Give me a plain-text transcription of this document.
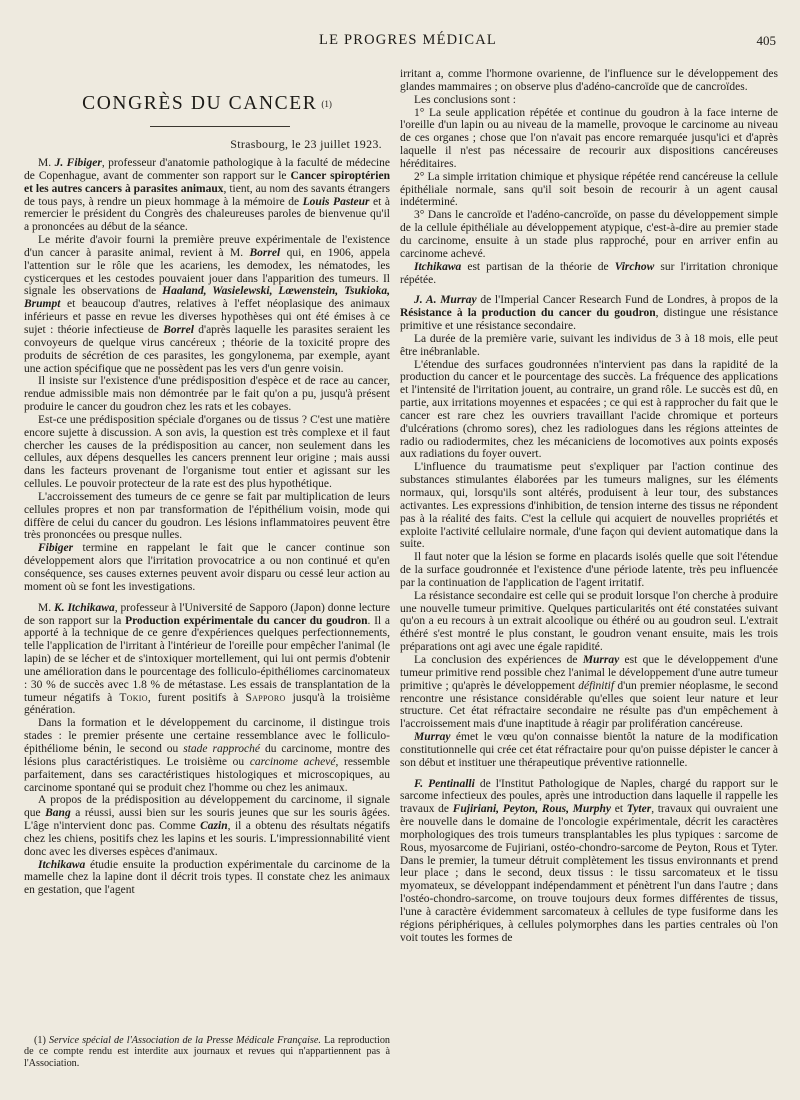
LE PROGRES MÉDICAL	405
CONGRÈS DU CANCER $^{(1)}$
Strasbourg, le 23 juillet 1923.

M. J. Fibiger, professeur d'anatomie pathologique à la faculté de médecine de Copenhague, avant de commenter son rapport sur le Cancer spiroptérien et les autres cancers à parasites animaux, tient, au nom des savants étrangers de tous pays, à rendre un pieux hommage à la mémoire de Louis Pasteur et à remercier le président du Congrès des chaleureuses paroles de bienvenue qu'il a prononcées au début de la séance.

Le mérite d'avoir fourni la première preuve expérimentale de l'existence d'un cancer à parasite animal, revient à M. Borrel qui, en 1906, appela l'attention sur le rôle que les acariens, les demodex, les nématodes, les cysticerques et les cestodes pouvaient jouer dans l'apparition des tumeurs. Il signale les observations de Haaland, Wasielewski, Lœwenstein, Tsukioka, Brumpt et beaucoup d'autres, relatives à l'effet néoplasique des animaux inférieurs et passe en revue les diverses hypothèses qui ont été émises à ce sujet : théorie infectieuse de Borrel d'après laquelle les parasites seraient les convoyeurs de quelque virus cancéreux ; théorie de la toxicité propre des produits de sécrétion de ces parasites, les gongylonema, par exemple, ayant une action spécifique que ne possèdent pas les vers d'un genre voisin.

Il insiste sur l'existence d'une prédisposition d'espèce et de race au cancer, rendue admissible mais non démontrée par le fait qu'on a pu, jusqu'à présent produire le cancer du goudron chez les rats et les cobayes.

Est-ce une prédisposition spéciale d'organes ou de tissus ? C'est une matière encore sujette à discussion. A son avis, la question est très complexe et il faut chercher les causes de la prédisposition au cancer, non seulement dans les cellules, aux dépens desquelles les cancers prennent leur origine ; mais aussi dans les facteurs provenant de l'organisme tout entier et agissant sur les cellules. Le pouvoir protecteur de la rate est des plus hypothétique.

L'accroissement des tumeurs de ce genre se fait par multiplication de leurs cellules propres et non par transformation de l'épithélium voisin, mode qui diffère de celui du cancer du goudron. Les lésions inflammatoires peuvent être très prononcées ou presque nulles.

Fibiger termine en rappelant le fait que le cancer continue son développement alors que l'irritation provocatrice a ou non continué et qu'en conséquence, ses causes externes peuvent avoir disparu ou cessé leur action au moment où se font les investigations.

M. K. Itchikawa, professeur à l'Université de Sapporo (Japon) donne lecture de son rapport sur la Production expérimentale du cancer du goudron. Il a apporté à la technique de ce genre d'expériences quelques perfectionnements, telle l'application de l'irritant à l'intérieur de l'oreille pour empêcher l'animal (le lapin) de se lécher et de s'intoxiquer mortellement, qui lui ont permis d'obtenir une amélioration dans le pourcentage des folliculo-épithéliomes carcinomateux : 30 % de succès avec 1.8 % de métastase. Les essais de transplantation de la tumeur négatifs à Tokio, furent positifs à Sapporo jusqu'à la troisième génération.

Dans la formation et le développement du carcinome, il distingue trois stades : le premier présente une certaine ressemblance avec le folliculo-épithéliome bénin, le second ou stade rapproché du carcinome, montre des lésions plus caractéristiques. Le troisième ou carcinome achevé, ressemble parfaitement, dans ses caractéristiques histologiques et microscopiques, au carcinome spontané qui se produit chez l'homme ou chez les animaux.

A propos de la prédisposition au développement du carcinome, il signale que Bang a réussi, aussi bien sur les souris jeunes que sur les souris âgées. L'âge n'intervient donc pas. Comme Cazin, il a obtenu des résultats négatifs chez les chiens, positifs chez les lapins et les souris. L'impressionnabilité vient donc avec les diverses espèces d'animaux.

Itchikawa étudie ensuite la production expérimentale du carcinome de la mamelle chez la lapine dont il décrit trois types. Il constate chez les animaux en gestation, que l'agent

(1) Service spécial de l'Association de la Presse Médicale Française. La reproduction de ce compte rendu est interdite aux journaux et revues qui n'appartiennent pas à l'Association.

irritant a, comme l'hormone ovarienne, de l'influence sur le développement des glandes mammaires ; on observe plus d'adéno-cancroïde que de cancroïdes.

Les conclusions sont :

1° La seule application répétée et continue du goudron à la face interne de l'oreille d'un lapin ou au niveau de la mamelle, provoque le carcinome au niveau de ces organes ; chose que l'on n'avait pas encore remarquée jusqu'ici et d'après laquelle il n'est pas nécessaire de recourir aux dispositions cancéreuses héréditaires.

2° La simple irritation chimique et physique répétée rend cancéreuse la cellule épithéliale normale, sans qu'il soit besoin de recourir à un agent causal indéterminé.

3° Dans le cancroïde et l'adéno-cancroïde, on passe du développement simple de la cellule épithéliale au développement atypique, c'est-à-dire au premier stade du carcinome, ensuite à un stade plus rapproché, pour en arriver enfin au carcinome achevé.

Itchikawa est partisan de la théorie de Virchow sur l'irritation chronique répétée.

J. A. Murray de l'Imperial Cancer Research Fund de Londres, à propos de la Résistance à la production du cancer du goudron, distingue une résistance primitive et une résistance secondaire.

La durée de la première varie, suivant les individus de 3 à 18 mois, elle peut être inébranlable.

L'étendue des surfaces goudronnées n'intervient pas dans la rapidité de la production du cancer et le pourcentage des succès. La fréquence des applications et l'intensité de l'irritation jouent, au contraire, un grand rôle. Le succès est dû, en partie, aux irritations moyennes et espacées ; ce qui est à rapprocher du fait que le cancer est rare chez les ouvriers travaillant l'acide chromique et porteurs d'ulcérations (chromo sores), chez les radiologues dans les régions atteintes de radio ou radiodermites, chez les mécaniciens de locomotives aux points exposés aux radiations du foyer ouvert.

L'influence du traumatisme peut s'expliquer par l'action continue des substances stimulantes élaborées par les tumeurs malignes, sur les éléments normaux, qui, lorsqu'ils sont altérés, produisent à leur tour, des substances activantes. Les expressions d'inhibition, de tension interne des tissus ne répondent pas à la réalité des faits. C'est la cellule qui acquiert de nouvelles propriétés et exploite l'activité cellulaire normale, d'une façon qui devient automatique dans la suite.

Il faut noter que la lésion se forme en placards isolés quelle que soit l'étendue de la surface goudronnée et l'existence d'une période latente, très peu influencée par la continuation de l'application de l'agent irritatif.

La résistance secondaire est celle qui se produit lorsque l'on cherche à produire une nouvelle tumeur primitive. Quelques particularités ont été constatées suivant qu'on a eu recours à un extrait alcoolique ou éthéré ou au goudron seul. L'extrait éthéré s'est montré le plus constant, le goudron venant ensuite, mais les trois préparations ont agi avec une égale rapidité.

La conclusion des expériences de Murray est que le développement d'une tumeur primitive rend possible chez l'animal le développement d'une autre tumeur primitive ; qu'après le développement définitif d'un premier néoplasme, le second rencontre une résistance considérable qu'elles que soient leur nature et leur structure. Cet état réfractaire secondaire ne résulte pas d'un empêchement à l'accroissement mais d'une inaptitude à réagir par prolifération cancéreuse.

Murray émet le vœu qu'on connaisse bientôt la nature de la modification constitutionnelle qui crée cet état réfractaire pour qu'on puisse dépister le cancer à son début et instituer une thérapeutique préventive rationnelle.

F. Pentinalli de l'Institut Pathologique de Naples, chargé du rapport sur le sarcome infectieux des poules, après une introduction dans laquelle il rappelle les travaux de Fujiriani, Peyton, Rous, Murphy et Tyter, travaux qui ouvraient une ère nouvelle dans le domaine de l'oncologie expérimentale, décrit les caractères morphologiques des trois tumeurs transplantables les plus typiques : sarcome de Rous, myosarcome de Fujiriani, ostéo-chondro-sarcome de Peyton, Rous et Tyter. Dans le premier, la tumeur détruit complètement les tissus environnants et prend leur place ; dans le second, deux tissus : le tissu sarcomateux et le tissu myomateux, se développant indépendamment et pénètrent l'un dans l'autre ; dans l'ostéo-chondro-sarcome, on trouve toujours deux formes différentes de tissus, l'une à caractère évidemment sarcomateux à cellules de type fusiforme dans les régions périphériques, à cellules polymorphes dans les parties centrales où l'on voit toutes les formes de
